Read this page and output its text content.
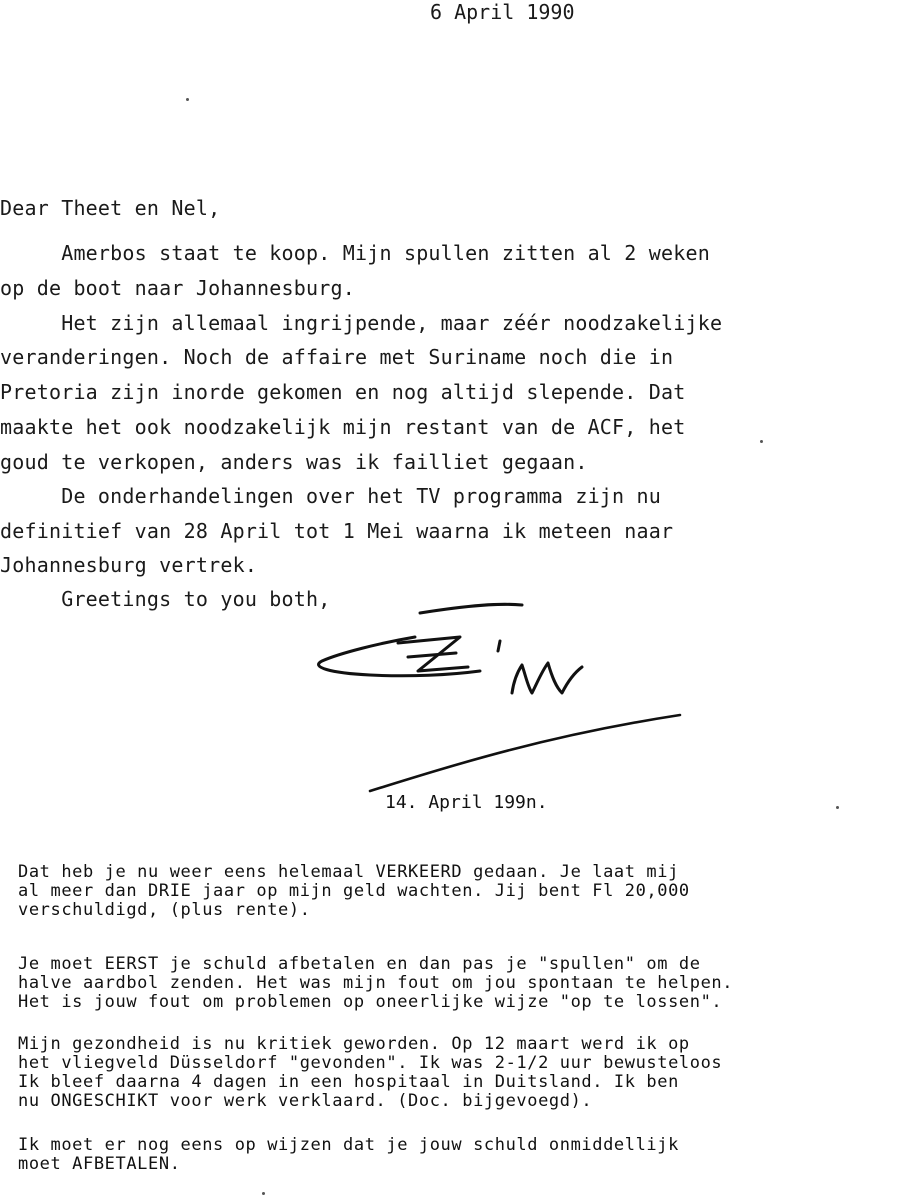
6 April 1990
Dear Theet en Nel,
Amerbos staat te koop. Mijn spullen zitten al 2 weken
op de boot naar Johannesburg.
Het zijn allemaal ingrijpende, maar zéér noodzakelijke
veranderingen. Noch de affaire met Suriname noch die in
Pretoria zijn inorde gekomen en nog altijd slepende. Dat
maakte het ook noodzakelijk mijn restant van de ACF, het
goud te verkopen, anders was ik failliet gegaan.
De onderhandelingen over het TV programma zijn nu
definitief van 28 April tot 1 Mei waarna ik meteen naar
Johannesburg vertrek.
Greetings to you both,
14. April 199n.
Dat heb je nu weer eens helemaal VERKEERD gedaan. Je laat mij
al meer dan DRIE jaar op mijn geld wachten. Jij bent Fl 20,000
verschuldigd, (plus rente).
Je moet EERST je schuld afbetalen en dan pas je "spullen" om de
halve aardbol zenden. Het was mijn fout om jou spontaan te helpen.
Het is jouw fout om problemen op oneerlijke wijze "op te lossen".
Mijn gezondheid is nu kritiek geworden. Op 12 maart werd ik op
het vliegveld Düsseldorf "gevonden". Ik was 2-1/2 uur bewusteloos
Ik bleef daarna 4 dagen in een hospitaal in Duitsland. Ik ben
nu ONGESCHIKT voor werk verklaard. (Doc. bijgevoegd).
Ik moet er nog eens op wijzen dat je jouw schuld onmiddellijk
moet AFBETALEN.
